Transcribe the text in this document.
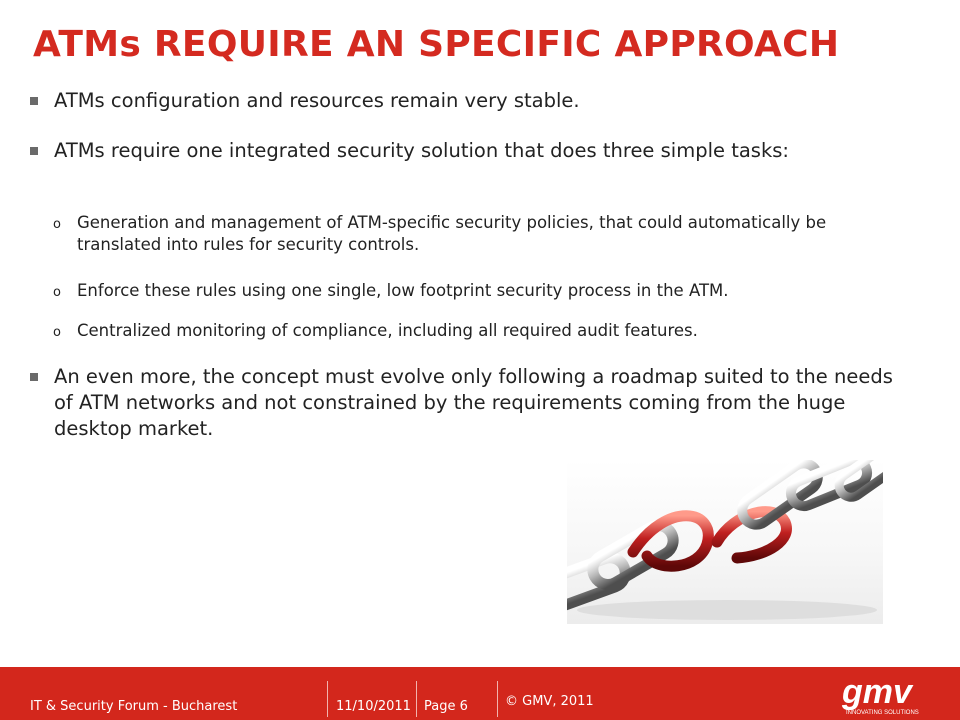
ATMs REQUIRE AN SPECIFIC APPROACH
ATMs configuration and resources remain very stable.
ATMs require one integrated security solution that does three simple tasks:
o Generation and management of ATM-specific security policies, that could automatically be translated into rules for security controls.
o Enforce these rules using one single, low footprint security process in the ATM.
o Centralized monitoring of compliance, including all required audit features.
An even more, the concept must evolve only following a roadmap suited to the needs of ATM networks and not constrained by the requirements coming from the huge desktop market.
IT & Security Forum - Bucharest	11/10/2011 Page 6	© GMV, 2011	gmv
INNOVATING SOLUTIONS
